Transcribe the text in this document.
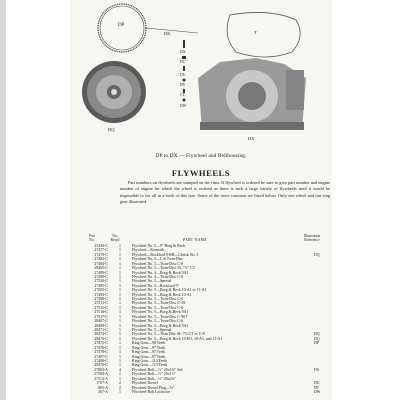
DP
DK	T
DX
DT
DU
DV
CT
DW
DQ
DX
DP to DX — Flywheel and Bellhousing.
FLYWHEELS

Part numbers on flywheels are stamped on the rims. If flywheel is ordered be sure to give part number and engine number of engine for which the wheel is ordered as there is such a large variety of flywheels used it would be impossible to list all in a book of this size. Some of the more common are listed below. Only one wheel and one ring gear illustrated.

Part
No.
No.
Req'd	PART NAME
Illustration
Reference
25430-C	1	Flywheel No. 5—9" Borg & Beck
27477-C	1	Flywheel—Kermath
27479-C	1	Flywheel—Rockford 9-RB—Chrisk No. 5	DQ
27482-C	1	Flywheel No. 5—C-6 Twin-Disc
27484-C	1	Flywheel No. 5—Twin-Disc C-6
28465-C	1	Flywheel No. 5—Twin-Disc SL 7½" CT
27489-C	1	Flywheel No. 4—Borg & Beck 9A1
27490-C	1	Flywheel No. 4—Twin-Disc C-6
27520-C	1	Flywheel No. 5—Special
27495-C	1	Flywheel No. 5—Rockford 9"
27505-C	1	Flywheel No. 5—Borg & Beck 10-A1 or 11-A1
27493-C	1	Flywheel No. 5—Borg & Beck 10-A1
27498-C	1	Flywheel No. 5—Twin-Disc C-6
27511-C	1	Flywheel No. 5—Twin-Disc C-59
27515-C	1	Flywheel No. 5—Twin-Disc C-6
27516-C	1	Flywheel No. 5—Borg & Beck 9A1
27517-C	1	Flywheel No. 5—Twin-Disc C-96T
28407-C	1	Flywheel No. 5—Twin-Disc C-6
28409-C	1	Flywheel No. 5—Borg & Beck 9A1
28471-C	1	Flywheel No. 5—Special
28474-C	1	Flywheel No. 5—Twin Disc SL-7½ CT or C-8	DQ
28476-C	1	Flywheel No. 5—Borg & Beck 10-EO, 10-A1, and 11-A1	DQ
27475-C	1	Ring Gear—98 Teeth	DP
27476-C	1	Ring Gear—97 Teeth
27478-C	1	Ring Gear—97 Teeth
27497-C	1	Ring Gear—97 Teeth
27490-C	1	Ring Gear—113 Teeth
28470-C	1	Ring Gear—113 Teeth
27003-A	4	Flywheel Bolt—½"-20x1⅜" Std.	DS
27584-A	1	Flywheel Bolt—½"-20x1½"
27514-A	1	Flywheel Bolt—½"-20x2¼"
1707-A	2	Flywheel Dowel	DU
865-A	2	Flywheel Dowel Plug—⅜"	DT
267-A	1	Flywheel Bolt Lockwire	DW
